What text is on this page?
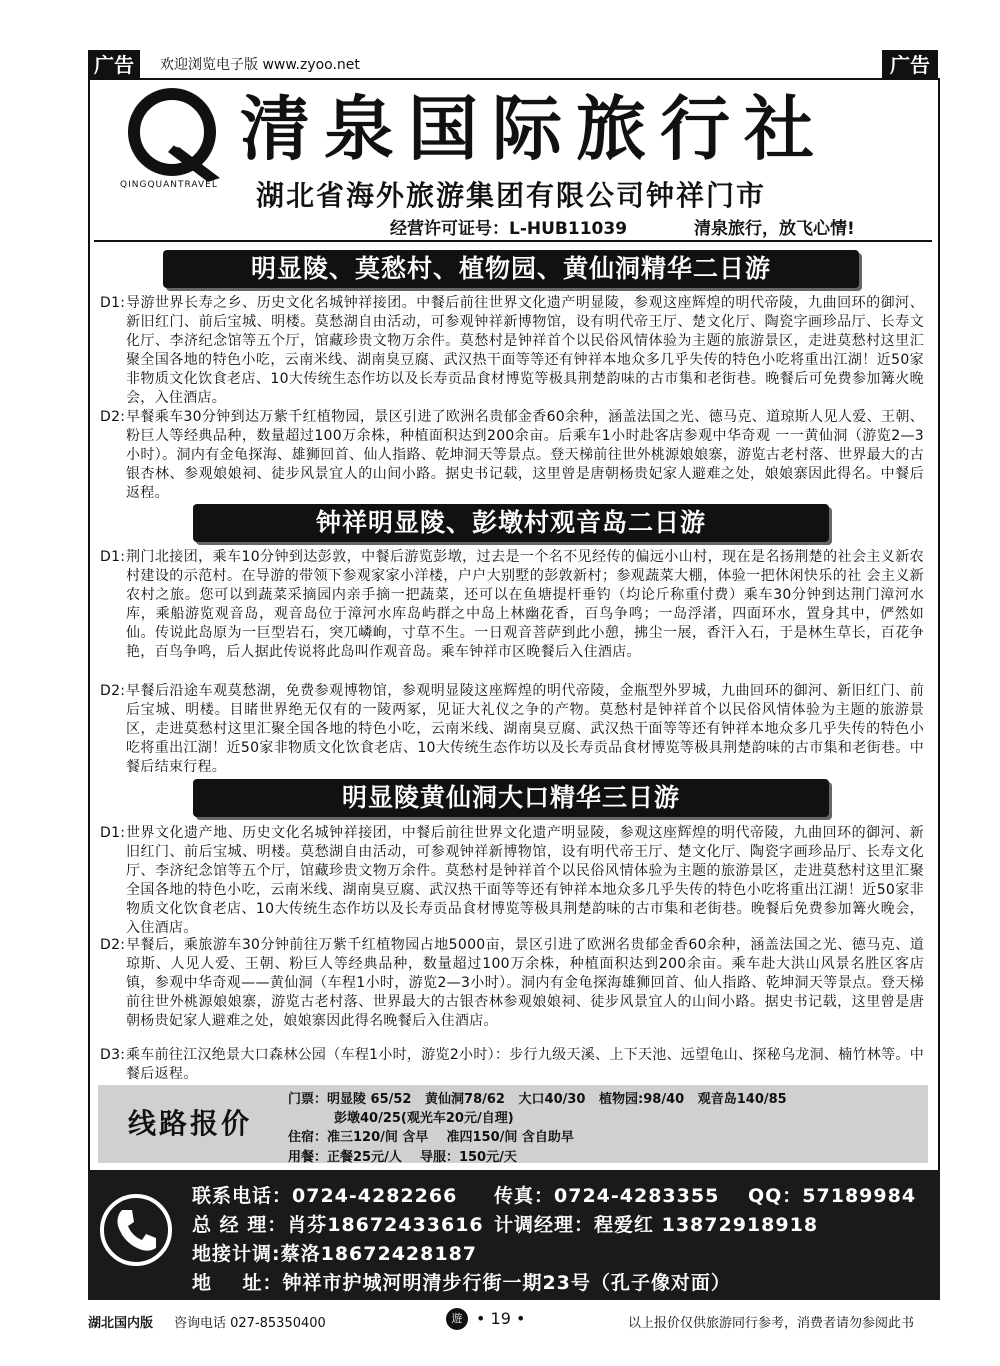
广告	欢迎浏览电子版 www.zyoo.net	广告
Q
QINGQUANTRAVEL
清泉国际旅行社
湖北省海外旅游集团有限公司钟祥门市
经营许可证号：L-HUB11039	清泉旅行，放飞心情!
明显陵、莫愁村、植物园、黄仙洞精华二日游
D1: 导游世界长寿之乡、历史文化名城钟祥接团。中餐后前往世界文化遗产明显陵，参观这座辉煌的明代帝陵，九曲回环的御河、新旧红门、前后宝城、明楼。莫愁湖自由活动，可参观钟祥新博物馆，设有明代帝王厅、楚文化厅、陶瓷字画珍品厅、长寿文化厅、李济纪念馆等五个厅，馆藏珍贵文物万余件。莫愁村是钟祥首个以民俗风情体验为主题的旅游景区，走进莫愁村这里汇聚全国各地的特色小吃，云南米线、湖南臭豆腐、武汉热干面等等还有钟祥本地众多几乎失传的特色小吃将重出江湖！近50家非物质文化饮食老店、10大传统生态作坊以及长寿贡品食材博览等极具荆楚韵味的古市集和老街巷。晚餐后可免费参加篝火晚会，入住酒店。
D2: 早餐乘车30分钟到达万紫千红植物园，景区引进了欧洲名贵郁金香60余种，涵盖法国之光、德马克、道琼斯人见人爱、王朝、粉巨人等经典品种，数量超过100万余株，种植面积达到200余亩。后乘车1小时赴客店参观中华奇观 一一黄仙洞（游览2—3小时）。洞内有金龟探海、雄狮回首、仙人指路、乾坤洞天等景点。登天梯前往世外桃源娘娘寨，游览古老村落、世界最大的古银杏林、参观娘娘祠、徒步风景宜人的山间小路。据史书记载，这里曾是唐朝杨贵妃家人避难之处，娘娘寨因此得名。中餐后返程。
钟祥明显陵、彭墩村观音岛二日游
D1: 荆门北接团，乘车10分钟到达彭敦，中餐后游览彭墩，过去是一个名不见经传的偏远小山村，现在是名扬荆楚的社会主义新农村建设的示范村。在导游的带领下参观家家小洋楼，户户大别墅的彭敦新村；参观蔬菜大棚，体验一把休闲快乐的社 会主义新农村之旅。您可以到蔬菜采摘园内亲手摘一把蔬菜，还可以在鱼塘提杆垂钓（均论斤称重付费）乘车30分钟到达荆门漳河水库，乘船游览观音岛，观音岛位于漳河水库岛屿群之中岛上林幽花香，百鸟争鸣；一岛浮渚，四面环水，置身其中，俨然如仙。传说此岛原为一巨型岩石，突兀嶙峋，寸草不生。一日观音菩萨到此小憩，拂尘一展，香汗入石，于是林生草长，百花争艳，百鸟争鸣，后人据此传说将此岛叫作观音岛。乘车钟祥市区晚餐后入住酒店。
D2: 早餐后沿途车观莫愁湖，免费参观博物馆，参观明显陵这座辉煌的明代帝陵，金瓶型外罗城，九曲回环的御河、新旧红门、前后宝城、明楼。目睹世界绝无仅有的一陵两冢，见证大礼仪之争的产物。莫愁村是钟祥首个以民俗风情体验为主题的旅游景区，走进莫愁村这里汇聚全国各地的特色小吃，云南米线、湖南臭豆腐、武汉热干面等等还有钟祥本地众多几乎失传的特色小吃将重出江湖！近50家非物质文化饮食老店、10大传统生态作坊以及长寿贡品食材博览等极具荆楚韵味的古市集和老街巷。中餐后结束行程。
明显陵黄仙洞大口精华三日游
D1: 世界文化遗产地、历史文化名城钟祥接团，中餐后前往世界文化遗产明显陵，参观这座辉煌的明代帝陵，九曲回环的御河、新旧红门、前后宝城、明楼。莫愁湖自由活动，可参观钟祥新博物馆，设有明代帝王厅、楚文化厅、陶瓷字画珍品厅、长寿文化厅、李济纪念馆等五个厅，馆藏珍贵文物万余件。莫愁村是钟祥首个以民俗风情体验为主题的旅游景区，走进莫愁村这里汇聚全国各地的特色小吃，云南米线、湖南臭豆腐、武汉热干面等等还有钟祥本地众多几乎失传的特色小吃将重出江湖！近50家非物质文化饮食老店、10大传统生态作坊以及长寿贡品食材博览等极具荆楚韵味的古市集和老街巷。晚餐后免费参加篝火晚会，入住酒店。
D2: 早餐后，乘旅游车30分钟前往万紫千红植物园占地5000亩，景区引进了欧洲名贵郁金香60余种，涵盖法国之光、德马克、道琼斯、人见人爱、王朝、粉巨人等经典品种，数量超过100万余株，种植面积达到200余亩。乘车赴大洪山风景名胜区客店镇，参观中华奇观——黄仙洞（车程1小时，游览2—3小时）。洞内有金龟探海雄狮回首、仙人指路、乾坤洞天等景点。登天梯前往世外桃源娘娘寨，游览古老村落、世界最大的古银杏林参观娘娘祠、徒步风景宜人的山间小路。据史书记载，这里曾是唐朝杨贵妃家人避难之处，娘娘寨因此得名晚餐后入住酒店。
D3: 乘车前往江汉绝景大口森林公园（车程1小时，游览2小时）：步行九级天溪、上下天池、远望龟山、探秘乌龙洞、楠竹林等。中餐后返程。
线路报价
门票：明显陵 65/52   黄仙洞78/62   大口40/30   植物园:98/40   观音岛140/85
彭墩40/25(观光车20元/自理)
住宿：准三120/间 含早    准四150/间 含自助早
用餐：正餐25元/人    导服：150元/天
联系电话：0724-4282266 传真：0724-4283355 QQ：57189984
总 经 理：肖芬18672433616 计调经理：程爱红 13872918918
地接计调:蔡洛18672428187
地    址：钟祥市护城河明清步行街一期23号（孔子像对面）
湖北国内版 咨询电话 027-85350400	遊 • 19 •	以上报价仅供旅游同行参考，消费者请勿参阅此书
